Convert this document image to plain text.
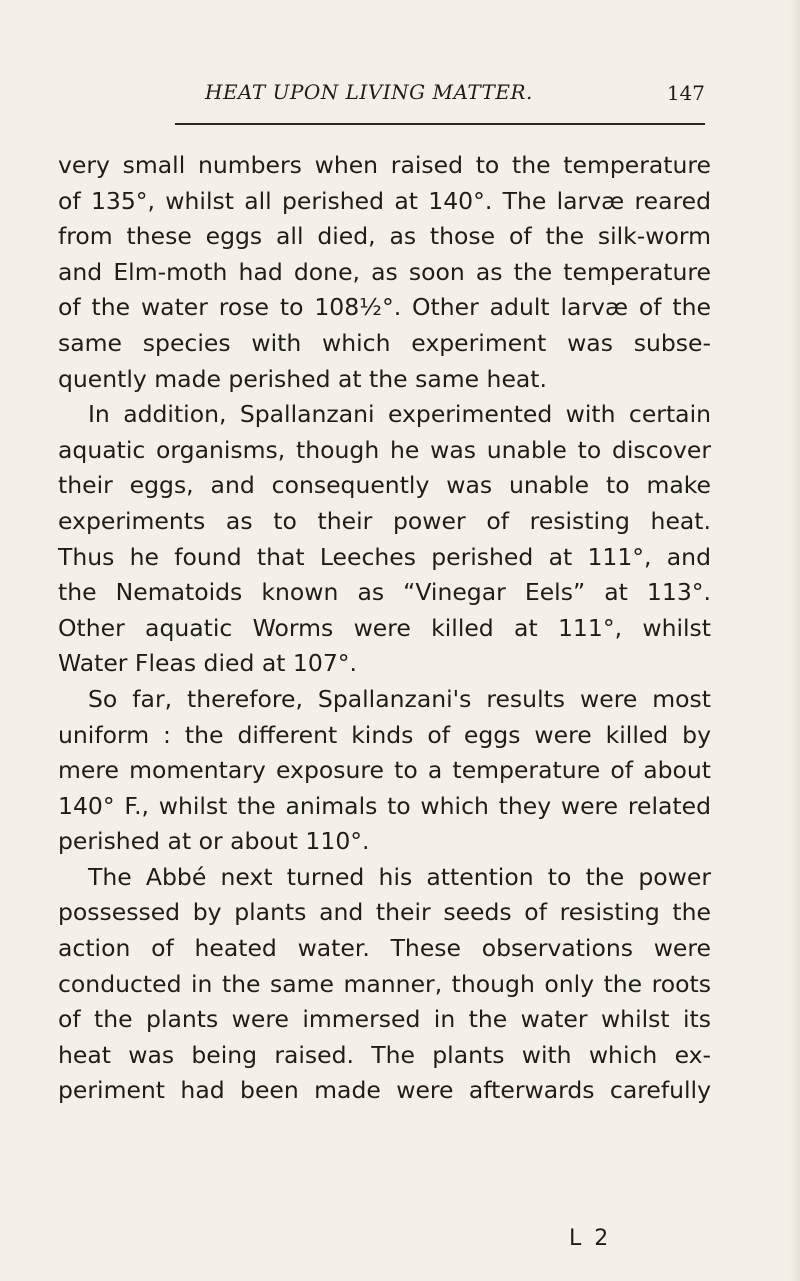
HEAT UPON LIVING MATTER.	147
very small numbers when raised to the temperature
of 135°, whilst all perished at 140°. The larvæ reared
from these eggs all died, as those of the silk-worm
and Elm-moth had done, as soon as the temperature
of the water rose to 108½°. Other adult larvæ of the
same species with which experiment was subse-
quently made perished at the same heat.
In addition, Spallanzani experimented with certain
aquatic organisms, though he was unable to discover
their eggs, and consequently was unable to make
experiments as to their power of resisting heat.
Thus he found that Leeches perished at 111°, and
the Nematoids known as “Vinegar Eels” at 113°.
Other aquatic Worms were killed at 111°, whilst
Water Fleas died at 107°.
So far, therefore, Spallanzani's results were most
uniform : the different kinds of eggs were killed by
mere momentary exposure to a temperature of about
140° F., whilst the animals to which they were related
perished at or about 110°.
The Abbé next turned his attention to the power
possessed by plants and their seeds of resisting the
action of heated water. These observations were
conducted in the same manner, though only the roots
of the plants were immersed in the water whilst its
heat was being raised. The plants with which ex-
periment had been made were afterwards carefully
L 2
